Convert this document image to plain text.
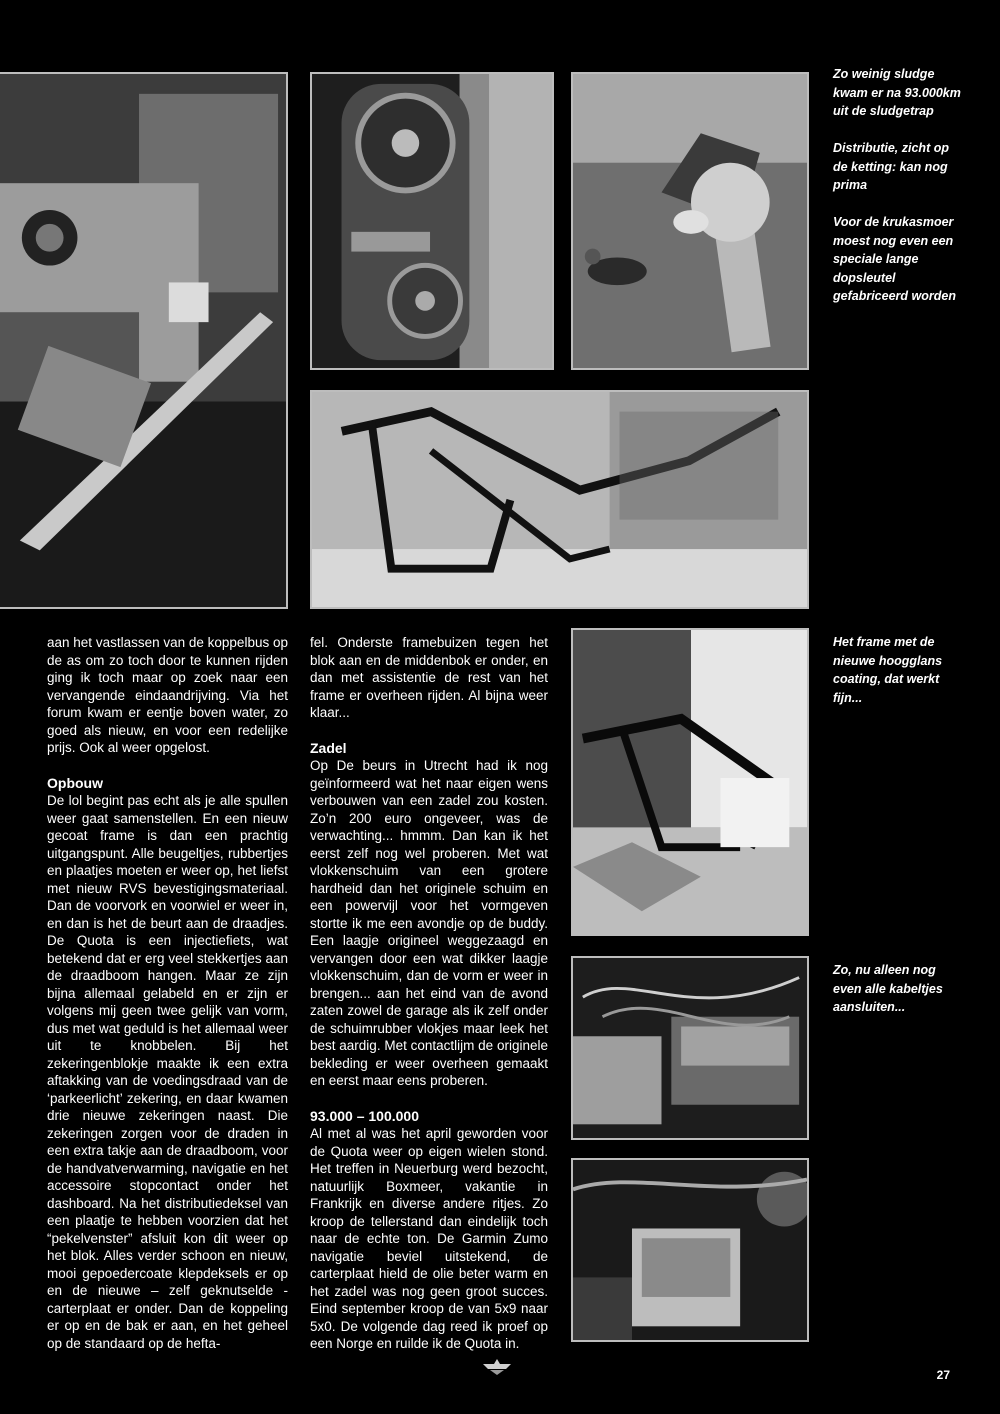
Zo weinig sludge kwam er na 93.000km uit de sludgetrap

Distributie, zicht op de ketting: kan nog prima

Voor de krukasmoer moest nog even een speciale lange dopsleutel gefabriceerd worden

Het frame met de nieuwe hoogglans coating, dat werkt fijn...

Zo, nu alleen nog even alle kabeltjes aansluiten...

aan het vastlassen van de koppelbus op de as om zo toch door te kunnen rijden ging ik toch maar op zoek naar een vervangende eindaandrijving. Via het forum kwam er eentje boven water, zo goed als nieuw, en voor een redelijke prijs. Ook al weer opgelost.

Opbouw

De lol begint pas echt als je alle spullen weer gaat samenstellen. En een nieuw gecoat frame is dan een prachtig uitgangspunt. Alle beugeltjes, rubbertjes en plaatjes moeten er weer op, het liefst met nieuw RVS bevestigingsmateriaal. Dan de voorvork en voorwiel er weer in, en dan is het de beurt aan de draadjes. De Quota is een injectiefiets, wat betekend dat er erg veel stekkertjes aan de draadboom hangen. Maar ze zijn bijna allemaal gelabeld en er zijn er volgens mij geen twee gelijk van vorm, dus met wat geduld is het allemaal weer uit te knobbelen. Bij het zekeringenblokje maakte ik een extra aftakking van de voedingsdraad van de ‘parkeerlicht’ zekering, en daar kwamen drie nieuwe zekeringen naast. Die zekeringen zorgen voor de draden in een extra takje aan de draadboom, voor de handvatverwarming, navigatie en het accessoire stopcontact onder het dashboard. Na het distributiedeksel van een plaatje te hebben voorzien dat het “pekelvenster” afsluit kon dit weer op het blok. Alles verder schoon en nieuw, mooi gepoedercoate klepdeksels er op en de nieuwe – zelf geknutselde - carterplaat er onder. Dan de koppeling er op en de bak er aan, en het geheel op de standaard op de hefta-

fel. Onderste framebuizen tegen het blok aan en de middenbok er onder, en dan met assistentie de rest van het frame er overheen rijden. Al bijna weer klaar...

Zadel

Op De beurs in Utrecht had ik nog geïnformeerd wat het naar eigen wens verbouwen van een zadel zou kosten. Zo’n 200 euro ongeveer, was de verwachting... hmmm. Dan kan ik het eerst zelf nog wel proberen. Met wat vlokkenschuim van een grotere hardheid dan het originele schuim en een powervijl voor het vormgeven stortte ik me een avondje op de buddy. Een laagje origineel weggezaagd en vervangen door een wat dikker laagje vlokkenschuim, dan de vorm er weer in brengen... aan het eind van de avond zaten zowel de garage als ik zelf onder de schuimrubber vlokjes maar leek het best aardig. Met contactlijm de originele bekleding er weer overheen gemaakt en eerst maar eens proberen.

93.000 – 100.000

Al met al was het april geworden voor de Quota weer op eigen wielen stond. Het treffen in Neuerburg werd bezocht, natuurlijk Boxmeer, vakantie in Frankrijk en diverse andere ritjes. Zo kroop de tellerstand dan eindelijk toch naar de echte ton. De Garmin Zumo navigatie beviel uitstekend, de carterplaat hield de olie beter warm en het zadel was nog geen groot succes. Eind september kroop de van 5x9 naar 5x0. De volgende dag reed ik proef op een Norge en ruilde ik de Quota in.

27
